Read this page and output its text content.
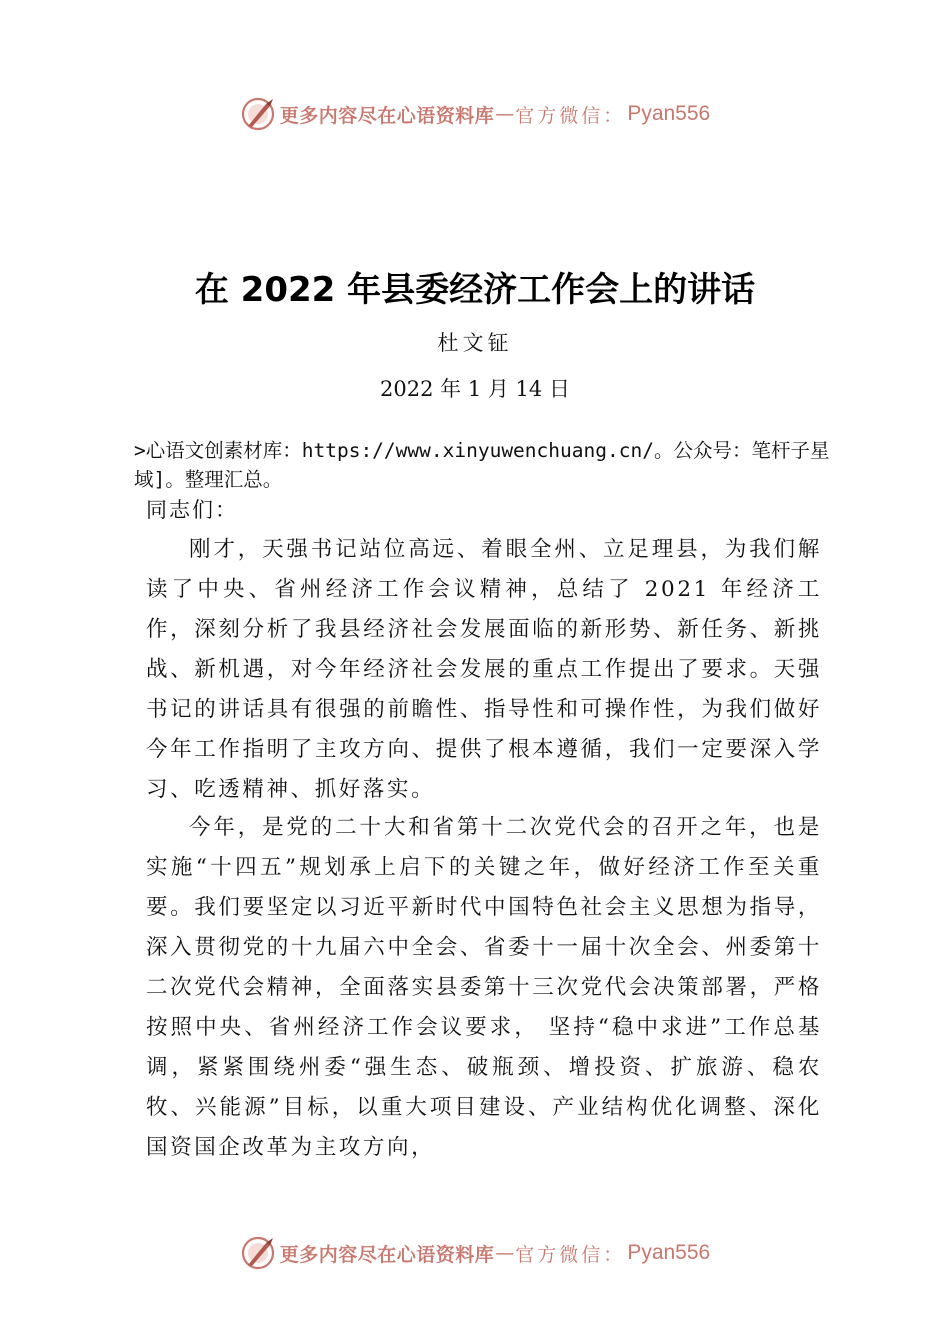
更多内容尽在心语资料库 — 官方微信： Pyan556
在 2022 年县委经济工作会上的讲话

杜文钲

2022 年 1 月 14 日

>心语文创素材库：https://www.xinyuwenchuang.cn/。公众号：笔杆子星域]。整理汇总。

同志们：

刚才，天强书记站位高远、着眼全州、立足理县，为我们解读了中央、省州经济工作会议精神，总结了 2021 年经济工作，深刻分析了我县经济社会发展面临的新形势、新任务、新挑战、新机遇，对今年经济社会发展的重点工作提出了要求。天强书记的讲话具有很强的前瞻性、指导性和可操作性，为我们做好今年工作指明了主攻方向、提供了根本遵循，我们一定要深入学习、吃透精神、抓好落实。

今年，是党的二十大和省第十二次党代会的召开之年，也是实施“十四五”规划承上启下的关键之年，做好经济工作至关重要。我们要坚定以习近平新时代中国特色社会主义思想为指导，深入贯彻党的十九届六中全会、省委十一届十次全会、州委第十二次党代会精神，全面落实县委第十三次党代会决策部署，严格按照中央、省州经济工作会议要求， 坚持“稳中求进”工作总基调，紧紧围绕州委“强生态、破瓶颈、增投资、扩旅游、稳农牧、兴能源”目标，以重大项目建设、产业结构优化调整、深化国资国企改革为主攻方向，

更多内容尽在心语资料库 — 官方微信： Pyan556
